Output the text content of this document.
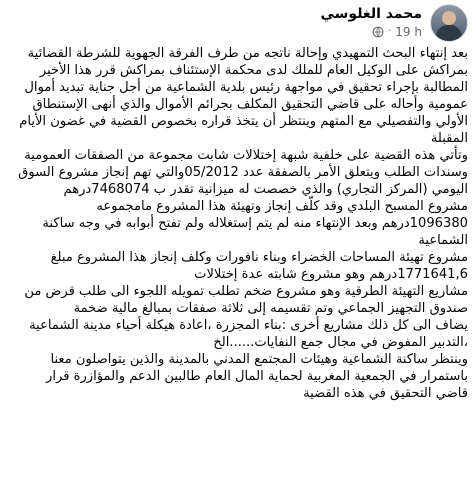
محمد الغلوسي
19 h
·

بعد إنتهاء البحث التمهيدي وإحالة ناتجه من طرف الفرقة الجهوية للشرطة القضائية بمراكش على الوكيل العام للملك لدى محكمة الإستئناف بمراكش قرر هذا الأخير المطالبة بإجراء تحقيق في مواجهة رئيس بلدية الشماعية من أجل جناية تبديد أموال عمومية وأحاله على قاضي التحقيق المكلف بجرائم الأموال والذي أنهى الإستنطاق الأولي والتفصيلي مع المتهم وينتظر أن يتخذ قراره بخصوص القضية في غضون الأيام المقبلة

وتأتي هذه القضية على خلفية شبهة إختلالات شابت مجموعة من الصفقات العمومية وسندات الطلب ويتعلق الأمر بالصفقة عدد 05/2012والتي تهم إنجاز مشروع السوق اليومي (المركز التجاري) والذي خصصت له ميزانية تقدر ب 7468074درهم

مشروع المسبح البلدي وقد كلّف إنجاز وتهيئة هذا المشروع مامجموعه 1096380درهم وبعد الإنتهاء منه لم يتم إستغلاله ولم تفتح أبوابه في وجه ساكنة الشماعية

مشروع تهيئة المساحات الخضراء وبناء نافورات وكلف إنجاز هذا المشروع مبلغ 1771641,6درهم وهو مشروع شابته عدة إختلالات

مشاريع التهيئة الطرقية وهو مشروع ضخم تطلب تمويله اللجوء الى طلب قرض من صندوق التجهيز الجماعي وتم تقسيمه إلى ثلاثة صفقات بمبالغ مالية ضخمة

يضاف الى كل ذلك مشاريع أخرى :بناء المجزرة ،اعادة هيكلة أحياء مدينة الشماعية ،التدبير المفوض في مجال جمع النفايات......الخ

وينتظر ساكنة الشماعية وهيئات المجتمع المدني بالمدينة والذين يتواصلون معنا باستمرار في الجمعية المغربية لحماية المال العام طالبين الدعم والمؤازرة قرار قاضي التحقيق في هذه القضية
